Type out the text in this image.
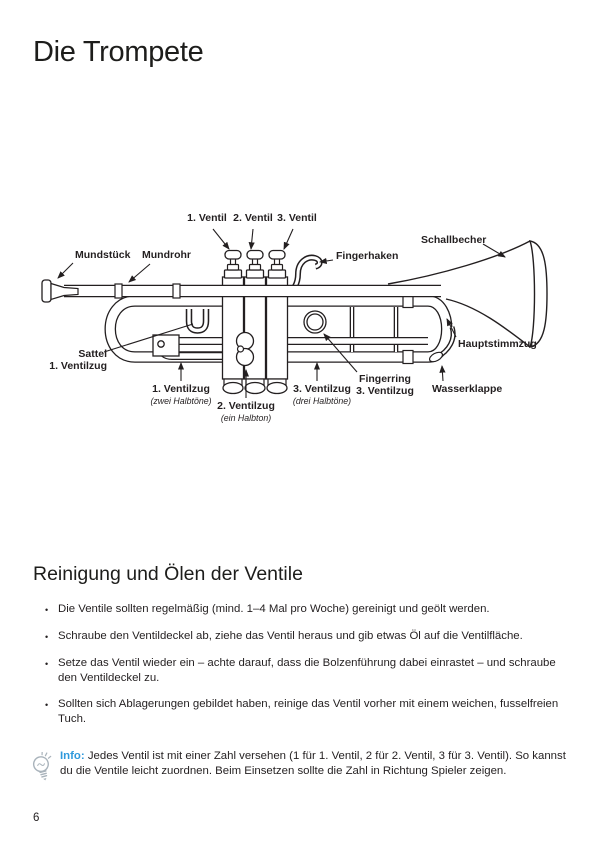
Die Trompete
1. Ventil 2. Ventil 3. Ventil
Mundstück Mundrohr	Fingerhaken
Schallbecher
Sattel
1. Ventilzug
Hauptstimmzug
1. Ventilzug
(zwei Halbtöne) 2. Ventilzug
(ein Halbton)
3. Ventilzug
(drei Halbtöne)
Fingerring
3. Ventilzug Wasserklappe
Reinigung und Ölen der Ventile
• Die Ventile sollten regelmäßig (mind. 1–4 Mal pro Woche) gereinigt und geölt werden.
• Schraube den Ventildeckel ab, ziehe das Ventil heraus und gib etwas Öl auf die Ventilfläche.
• Setze das Ventil wieder ein – achte darauf, dass die Bolzenführung dabei einrastet – und schraube den Ventildeckel zu.
• Sollten sich Ablagerungen gebildet haben, reinige das Ventil vorher mit einem weichen, fusselfreien Tuch.
Info: Jedes Ventil ist mit einer Zahl versehen (1 für 1. Ventil, 2 für 2. Ventil, 3 für 3. Ventil). So kannst du die Ventile leicht zuordnen. Beim Einsetzen sollte die Zahl in Richtung Spieler zeigen.
6
